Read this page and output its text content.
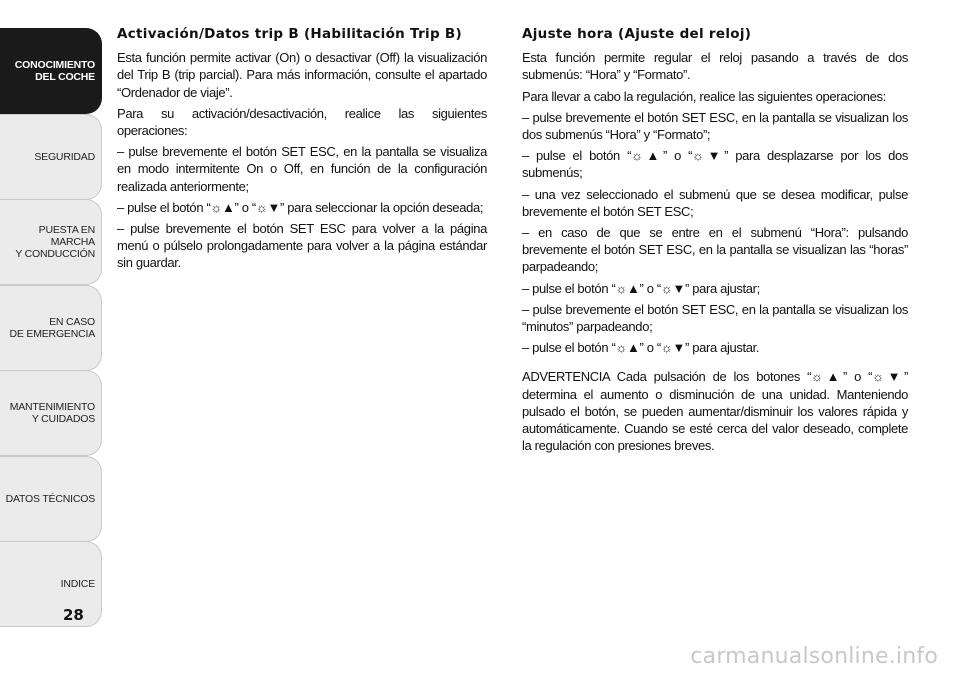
CONOCIMIENTO
DEL COCHE
SEGURIDAD
PUESTA EN MARCHA
Y CONDUCCIÓN
EN CASO
DE EMERGENCIA
MANTENIMIENTO
Y CUIDADOS
DATOS TÉCNICOS
INDICE
28
Activación/Datos trip B (Habilitación Trip B)

Esta función permite activar (On) o desactivar (Off) la visualización del Trip B (trip parcial). Para más información, consulte el apartado “Ordenador de viaje”.

Para su activación/desactivación, realice las siguientes operaciones:

– pulse brevemente el botón SET ESC, en la pantalla se visualiza en modo intermitente On o Off, en función de la configuración realizada anteriormente;

– pulse el botón “☼▲” o “☼▼” para seleccionar la opción deseada;

– pulse brevemente el botón SET ESC para volver a la página menú o púlselo prolongadamente para volver a la página estándar sin guardar.

Ajuste hora (Ajuste del reloj)

Esta función permite regular el reloj pasando a través de dos submenús: “Hora” y “Formato”.

Para llevar a cabo la regulación, realice las siguientes operaciones:

– pulse brevemente el botón SET ESC, en la pantalla se visualizan los dos submenús “Hora” y “Formato”;

– pulse el botón “☼▲” o “☼▼” para desplazarse por los dos submenús;

– una vez seleccionado el submenú que se desea modificar, pulse brevemente el botón SET ESC;

– en caso de que se entre en el submenú “Hora”: pulsando brevemente el botón SET ESC, en la pantalla se visualizan las “horas” parpadeando;

– pulse el botón “☼▲” o “☼▼” para ajustar;

– pulse brevemente el botón SET ESC, en la pantalla se visualizan los “minutos” parpadeando;

– pulse el botón “☼▲” o “☼▼” para ajustar.

ADVERTENCIA Cada pulsación de los botones “☼▲” o “☼▼” determina el aumento o disminución de una unidad. Manteniendo pulsado el botón, se pueden aumentar/disminuir los valores rápida y automáticamente. Cuando se esté cerca del valor deseado, complete la regulación con presiones breves.

carmanualsonline.info
